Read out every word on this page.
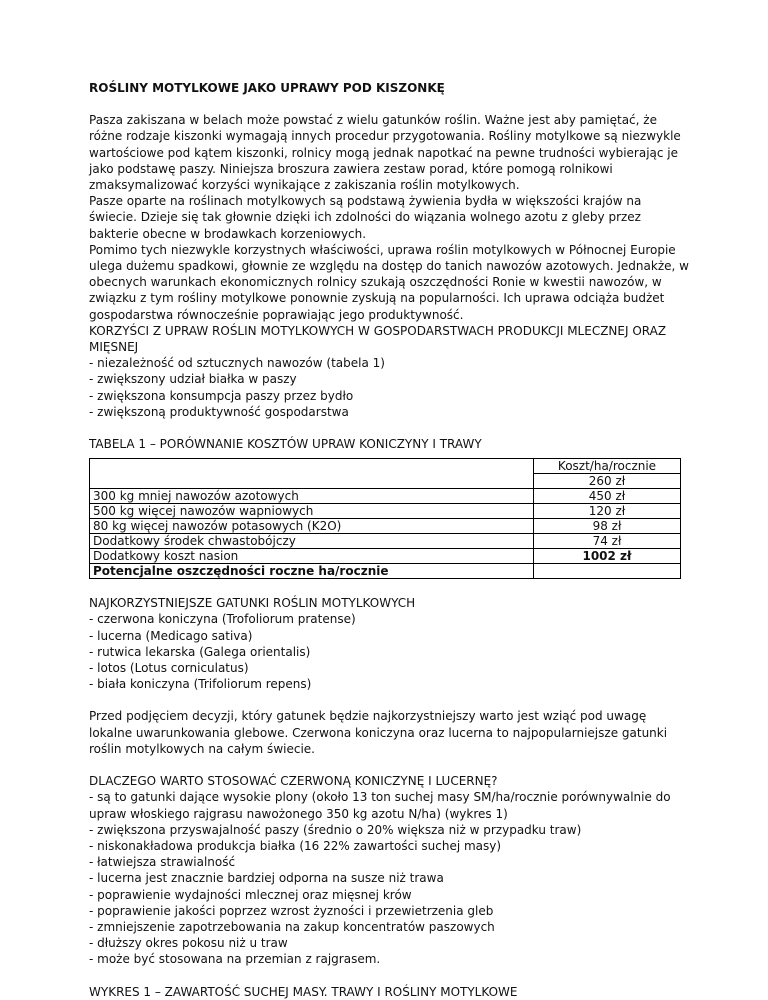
ROŚLINY MOTYLKOWE JAKO UPRAWY POD KISZONKĘ

Pasza zakiszana w belach może powstać z wielu gatunków roślin. Ważne jest aby pamiętać, że różne rodzaje kiszonki wymagają innych procedur przygotowania. Rośliny motylkowe są niezwykle wartościowe pod kątem kiszonki, rolnicy mogą jednak napotkać na pewne trudności wybierając je jako podstawę paszy. Niniejsza broszura zawiera zestaw porad, które pomogą rolnikowi zmaksymalizować korzyści wynikające z zakiszania roślin motylkowych.

Pasze oparte na roślinach motylkowych są podstawą żywienia bydła w większości krajów na świecie. Dzieje się tak głownie dzięki ich zdolności do wiązania wolnego azotu z gleby przez bakterie obecne w brodawkach korzeniowych.

Pomimo tych niezwykle korzystnych właściwości, uprawa roślin motylkowych w Północnej Europie ulega dużemu spadkowi, głownie ze względu na dostęp do tanich nawozów azotowych. Jednakże, w obecnych warunkach ekonomicznych rolnicy szukają oszczędności Ronie w kwestii nawozów, w związku z tym rośliny motylkowe ponownie zyskują na popularności. Ich uprawa odciąża budżet gospodarstwa równocześnie poprawiając jego produktywność.

KORZYŚCI Z UPRAW ROŚLIN MOTYLKOWYCH W GOSPODARSTWACH PRODUKCJI MLECZNEJ ORAZ MIĘSNEJ

- niezależność od sztucznych nawozów (tabela 1)
- zwiększony udział białka w paszy
- zwiększona konsumpcja paszy przez bydło
- zwiększoną produktywność gospodarstwa

TABELA 1 – PORÓWNANIE KOSZTÓW UPRAW KONICZYNY I TRAWY

	Koszt/ha/rocznie
	260 zł
300 kg mniej nawozów azotowych	450 zł
500 kg więcej nawozów wapniowych	120 zł
80 kg więcej nawozów potasowych (K2O)	98 zł
Dodatkowy środek chwastobójczy	74 zł
Dodatkowy koszt nasion	1002 zł
Potencjalne oszczędności roczne ha/rocznie	

NAJKORZYSTNIEJSZE GATUNKI ROŚLIN MOTYLKOWYCH

- czerwona koniczyna (Trofoliorum pratense)
- lucerna (Medicago sativa)
- rutwica lekarska (Galega orientalis)
- lotos (Lotus corniculatus)
- biała koniczyna (Trifoliorum repens)

Przed podjęciem decyzji, który gatunek będzie najkorzystniejszy warto jest wziąć pod uwagę lokalne uwarunkowania glebowe. Czerwona koniczyna oraz lucerna to najpopularniejsze gatunki roślin motylkowych na całym świecie.

DLACZEGO WARTO STOSOWAĆ CZERWONĄ KONICZYNĘ I LUCERNĘ?

- są to gatunki dające wysokie plony (około 13 ton suchej masy SM/ha/rocznie porównywalnie do upraw włoskiego rajgrasu nawożonego 350 kg azotu N/ha) (wykres 1)
- zwiększona przyswajalność paszy (średnio o 20% większa niż w przypadku traw)
- niskonakładowa produkcja białka (16 22% zawartości suchej masy)
- łatwiejsza strawialność
- lucerna jest znacznie bardziej odporna na susze niż trawa
- poprawienie wydajności mlecznej oraz mięsnej krów
- poprawienie jakości poprzez wzrost żyzności i przewietrzenia gleb
- zmniejszenie zapotrzebowania na zakup koncentratów paszowych
- dłuższy okres pokosu niż u traw
- może być stosowana na przemian z rajgrasem.

WYKRES 1 – ZAWARTOŚĆ SUCHEJ MASY. TRAWY I ROŚLINY MOTYLKOWE
